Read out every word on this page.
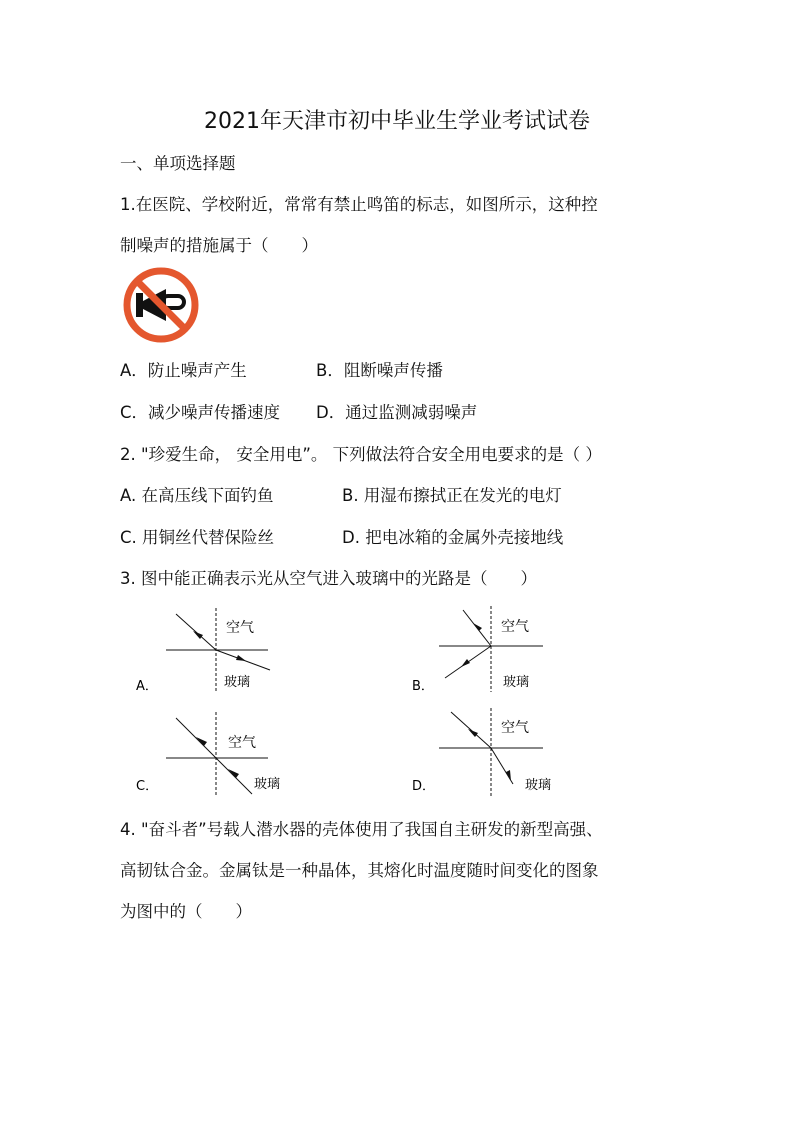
2021年天津市初中毕业生学业考试试卷
一、单项选择题
1.在医院、学校附近，常常有禁止鸣笛的标志，如图所示，这种控
制噪声的措施属于（　　）
A．防止噪声产生	B．阻断噪声传播
C．减少噪声传播速度 D．通过监测减弱噪声
2. "珍爱生命， 安全用电”。 下列做法符合安全用电要求的是（ ）
A. 在高压线下面钓鱼	B. 用湿布擦拭正在发光的电灯
C. 用铜丝代替保险丝	D. 把电冰箱的金属外壳接地线
3. 图中能正确表示光从空气进入玻璃中的光路是（　　）
空气
玻璃
A．
空气
玻璃
B．
空气
玻璃
C．
空气
玻璃
D．
4. "奋斗者”号载人潜水器的壳体使用了我国自主研发的新型高强、
高韧钛合金。金属钛是一种晶体，其熔化时温度随时间变化的图象
为图中的（　　）
